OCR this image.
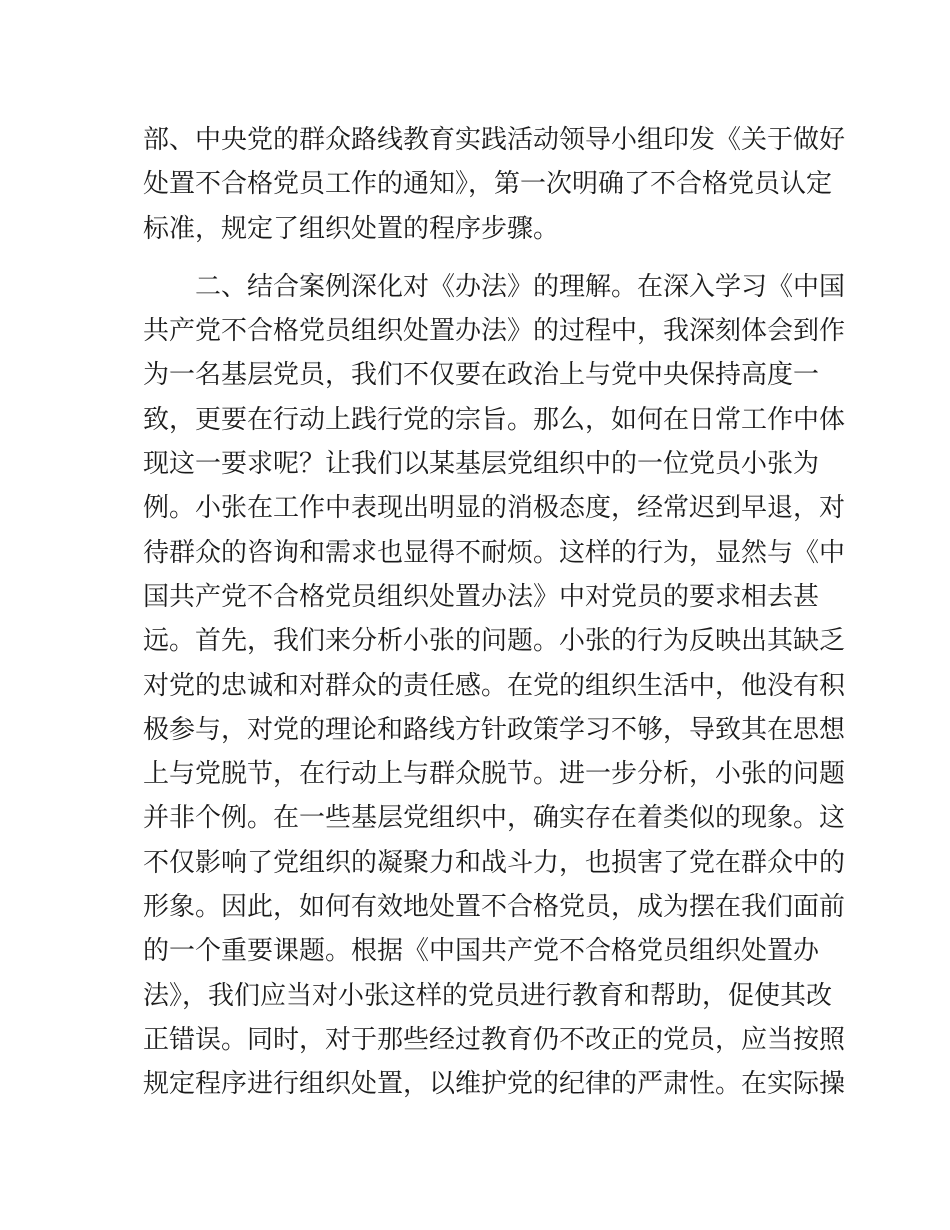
部、中央党的群众路线教育实践活动领导小组印发《关于做好
处置不合格党员工作的通知》，第一次明确了不合格党员认定
标准，规定了组织处置的程序步骤。
　　二、结合案例深化对《办法》的理解。在深入学习《中国
共产党不合格党员组织处置办法》的过程中，我深刻体会到作
为一名基层党员，我们不仅要在政治上与党中央保持高度一
致，更要在行动上践行党的宗旨。那么，如何在日常工作中体
现这一要求呢？让我们以某基层党组织中的一位党员小张为
例。小张在工作中表现出明显的消极态度，经常迟到早退，对
待群众的咨询和需求也显得不耐烦。这样的行为，显然与《中
国共产党不合格党员组织处置办法》中对党员的要求相去甚
远。首先，我们来分析小张的问题。小张的行为反映出其缺乏
对党的忠诚和对群众的责任感。在党的组织生活中，他没有积
极参与，对党的理论和路线方针政策学习不够，导致其在思想
上与党脱节，在行动上与群众脱节。进一步分析，小张的问题
并非个例。在一些基层党组织中，确实存在着类似的现象。这
不仅影响了党组织的凝聚力和战斗力，也损害了党在群众中的
形象。因此，如何有效地处置不合格党员，成为摆在我们面前
的一个重要课题。根据《中国共产党不合格党员组织处置办
法》，我们应当对小张这样的党员进行教育和帮助，促使其改
正错误。同时，对于那些经过教育仍不改正的党员，应当按照
规定程序进行组织处置，以维护党的纪律的严肃性。在实际操
